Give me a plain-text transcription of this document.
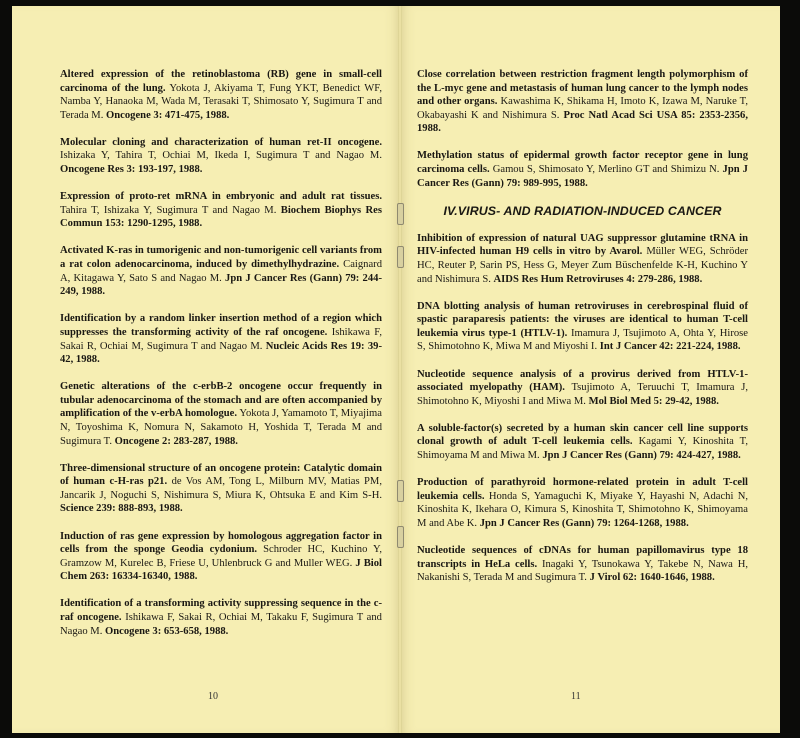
Altered expression of the retinoblastoma (RB) gene in small-cell carcinoma of the lung. Yokota J, Akiyama T, Fung YKT, Benedict WF, Namba Y, Hanaoka M, Wada M, Terasaki T, Shimosato Y, Sugimura T and Terada M. Oncogene 3: 471-475, 1988.

Molecular cloning and characterization of human ret-II oncogene. Ishizaka Y, Tahira T, Ochiai M, Ikeda I, Sugimura T and Nagao M. Oncogene Res 3: 193-197, 1988.

Expression of proto-ret mRNA in embryonic and adult rat tissues. Tahira T, Ishizaka Y, Sugimura T and Nagao M. Biochem Biophys Res Commun 153: 1290-1295, 1988.

Activated K-ras in tumorigenic and non-tumorigenic cell variants from a rat colon adenocarcinoma, induced by dimethylhydrazine. Caignard A, Kitagawa Y, Sato S and Nagao M. Jpn J Cancer Res (Gann) 79: 244-249, 1988.

Identification by a random linker insertion method of a region which suppresses the transforming activity of the raf oncogene. Ishikawa F, Sakai R, Ochiai M, Sugimura T and Nagao M. Nucleic Acids Res 19: 39-42, 1988.

Genetic alterations of the c-erbB-2 oncogene occur frequently in tubular adenocarcinoma of the stomach and are often accompanied by amplification of the v-erbA homologue. Yokota J, Yamamoto T, Miyajima N, Toyoshima K, Nomura N, Sakamoto H, Yoshida T, Terada M and Sugimura T. Oncogene 2: 283-287, 1988.

Three-dimensional structure of an oncogene protein: Catalytic domain of human c-H-ras p21. de Vos AM, Tong L, Milburn MV, Matias PM, Jancarik J, Noguchi S, Nishimura S, Miura K, Ohtsuka E and Kim S-H. Science 239: 888-893, 1988.

Induction of ras gene expression by homologous aggregation factor in cells from the sponge Geodia cydonium. Schroder HC, Kuchino Y, Gramzow M, Kurelec B, Friese U, Uhlenbruck G and Muller WEG. J Biol Chem 263: 16334-16340, 1988.

Identification of a transforming activity suppressing sequence in the c-raf oncogene. Ishikawa F, Sakai R, Ochiai M, Takaku F, Sugimura T and Nagao M. Oncogene 3: 653-658, 1988.

10

Close correlation between restriction fragment length polymorphism of the L-myc gene and metastasis of human lung cancer to the lymph nodes and other organs. Kawashima K, Shikama H, Imoto K, Izawa M, Naruke T, Okabayashi K and Nishimura S. Proc Natl Acad Sci USA 85: 2353-2356, 1988.

Methylation status of epidermal growth factor receptor gene in lung carcinoma cells. Gamou S, Shimosato Y, Merlino GT and Shimizu N. Jpn J Cancer Res (Gann) 79: 989-995, 1988.

IV.VIRUS- AND RADIATION-INDUCED CANCER

Inhibition of expression of natural UAG suppressor glutamine tRNA in HIV-infected human H9 cells in vitro by Avarol. Müller WEG, Schröder HC, Reuter P, Sarin PS, Hess G, Meyer Zum Büschenfelde K-H, Kuchino Y and Nishimura S. AIDS Res Hum Retroviruses 4: 279-286, 1988.

DNA blotting analysis of human retroviruses in cerebrospinal fluid of spastic paraparesis patients: the viruses are identical to human T-cell leukemia virus type-1 (HTLV-1). Imamura J, Tsujimoto A, Ohta Y, Hirose S, Shimotohno K, Miwa M and Miyoshi I. Int J Cancer 42: 221-224, 1988.

Nucleotide sequence analysis of a provirus derived from HTLV-1-associated myelopathy (HAM). Tsujimoto A, Teruuchi T, Imamura J, Shimotohno K, Miyoshi I and Miwa M. Mol Biol Med 5: 29-42, 1988.

A soluble-factor(s) secreted by a human skin cancer cell line supports clonal growth of adult T-cell leukemia cells. Kagami Y, Kinoshita T, Shimoyama M and Miwa M. Jpn J Cancer Res (Gann) 79: 424-427, 1988.

Production of parathyroid hormone-related protein in adult T-cell leukemia cells. Honda S, Yamaguchi K, Miyake Y, Hayashi N, Adachi N, Kinoshita K, Ikehara O, Kimura S, Kinoshita T, Shimotohno K, Shimoyama M and Abe K. Jpn J Cancer Res (Gann) 79: 1264-1268, 1988.

Nucleotide sequences of cDNAs for human papillomavirus type 18 transcripts in HeLa cells. Inagaki Y, Tsunokawa Y, Takebe N, Nawa H, Nakanishi S, Terada M and Sugimura T. J Virol 62: 1640-1646, 1988.

11
